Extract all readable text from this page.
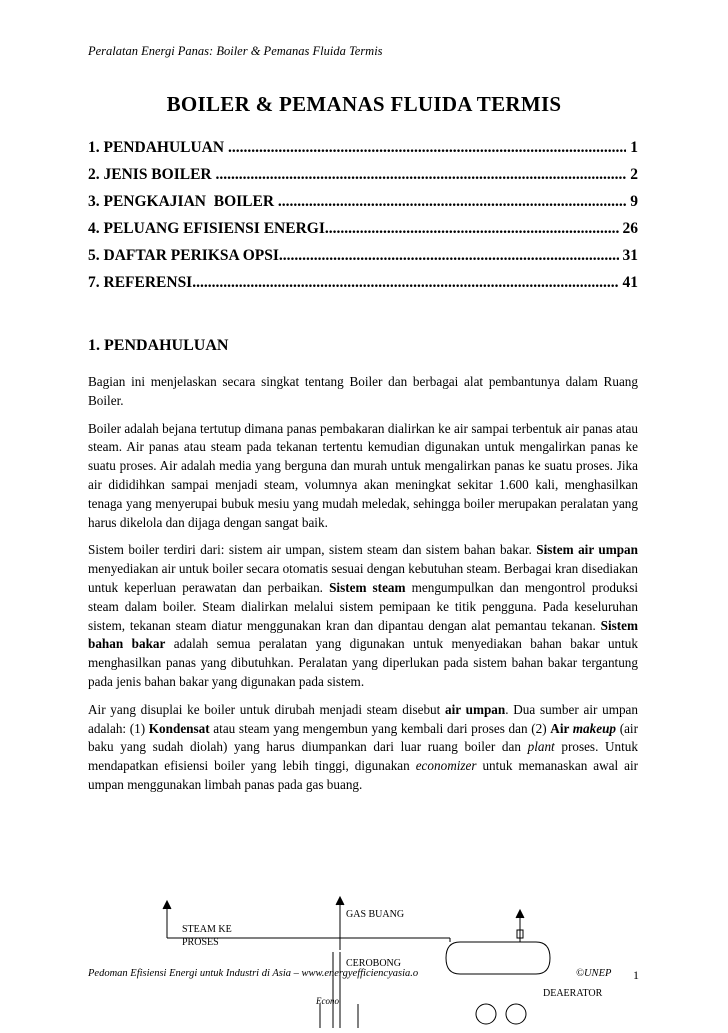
Peralatan Energi Panas: Boiler & Pemanas Fluida Termis
BOILER & PEMANAS FLUIDA TERMIS
1. PENDAHULUAN .....	1
2. JENIS BOILER .....	2
3. PENGKAJIAN  BOILER .....	9
4. PELUANG EFISIENSI ENERGI .....	26
5. DAFTAR PERIKSA OPSI .....	31
7. REFERENSI .....	41
1. PENDAHULUAN

Bagian ini menjelaskan secara singkat tentang Boiler dan berbagai alat pembantunya dalam Ruang Boiler.

Boiler adalah bejana tertutup dimana panas pembakaran dialirkan ke air sampai terbentuk air panas atau steam. Air panas atau steam pada tekanan tertentu kemudian digunakan untuk mengalirkan panas ke suatu proses. Air adalah media yang berguna dan murah untuk mengalirkan panas ke suatu proses. Jika air dididihkan sampai menjadi steam, volumnya akan meningkat sekitar 1.600 kali, menghasilkan tenaga yang menyerupai bubuk mesiu yang mudah meledak, sehingga boiler merupakan peralatan yang harus dikelola dan dijaga dengan sangat baik.

Sistem boiler terdiri dari: sistem air umpan, sistem steam dan sistem bahan bakar. Sistem air umpan menyediakan air untuk boiler secara otomatis sesuai dengan kebutuhan steam. Berbagai kran disediakan untuk keperluan perawatan dan perbaikan. Sistem steam mengumpulkan dan mengontrol produksi steam dalam boiler. Steam dialirkan melalui sistem pemipaan ke titik pengguna. Pada keseluruhan sistem, tekanan steam diatur menggunakan kran dan dipantau dengan alat pemantau tekanan. Sistem bahan bakar adalah semua peralatan yang digunakan untuk menyediakan bahan bakar untuk menghasilkan panas yang dibutuhkan. Peralatan yang diperlukan pada sistem bahan bakar tergantung pada jenis bahan bakar yang digunakan pada sistem.

Air yang disuplai ke boiler untuk dirubah menjadi steam disebut air umpan. Dua sumber air umpan adalah: (1) Kondensat atau steam yang mengembun yang kembali dari proses dan (2) Air makeup (air baku yang sudah diolah) yang harus diumpankan dari luar ruang boiler dan plant proses. Untuk mendapatkan efisiensi boiler yang lebih tinggi, digunakan economizer untuk memanaskan awal air umpan menggunakan limbah panas pada gas buang.

STEAM KE
PROSES
GAS BUANG
CEROBONG
DEAERATOR
Econo
Pedoman Efisiensi Energi untuk Industri di Asia – www.energyefficiencyasia.o	©UNEP 1
